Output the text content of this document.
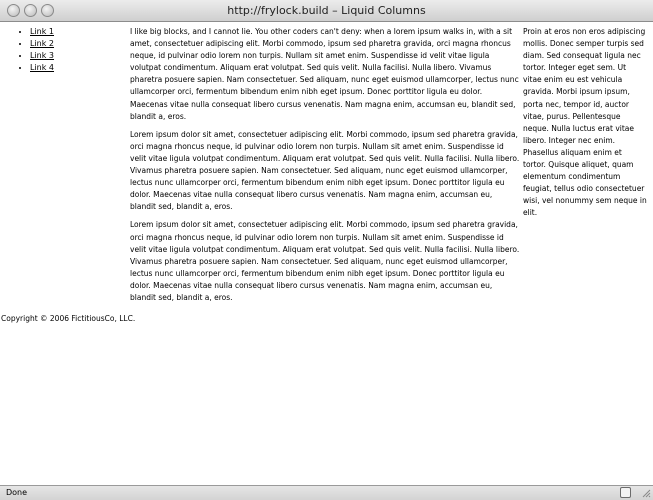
http://frylock.build – Liquid Columns
• Link 1
• Link 2
• Link 3
• Link 4

I like big blocks, and I cannot lie. You other coders can't deny: when a lorem ipsum walks in, with a sit amet, consectetuer adipiscing elit. Morbi commodo, ipsum sed pharetra gravida, orci magna rhoncus neque, id pulvinar odio lorem non turpis. Nullam sit amet enim. Suspendisse id velit vitae ligula volutpat condimentum. Aliquam erat volutpat. Sed quis velit. Nulla facilisi. Nulla libero. Vivamus pharetra posuere sapien. Nam consectetuer. Sed aliquam, nunc eget euismod ullamcorper, lectus nunc ullamcorper orci, fermentum bibendum enim nibh eget ipsum. Donec porttitor ligula eu dolor. Maecenas vitae nulla consequat libero cursus venenatis. Nam magna enim, accumsan eu, blandit sed, blandit a, eros.

Lorem ipsum dolor sit amet, consectetuer adipiscing elit. Morbi commodo, ipsum sed pharetra gravida, orci magna rhoncus neque, id pulvinar odio lorem non turpis. Nullam sit amet enim. Suspendisse id velit vitae ligula volutpat condimentum. Aliquam erat volutpat. Sed quis velit. Nulla facilisi. Nulla libero. Vivamus pharetra posuere sapien. Nam consectetuer. Sed aliquam, nunc eget euismod ullamcorper, lectus nunc ullamcorper orci, fermentum bibendum enim nibh eget ipsum. Donec porttitor ligula eu dolor. Maecenas vitae nulla consequat libero cursus venenatis. Nam magna enim, accumsan eu, blandit sed, blandit a, eros.

Lorem ipsum dolor sit amet, consectetuer adipiscing elit. Morbi commodo, ipsum sed pharetra gravida, orci magna rhoncus neque, id pulvinar odio lorem non turpis. Nullam sit amet enim. Suspendisse id velit vitae ligula volutpat condimentum. Aliquam erat volutpat. Sed quis velit. Nulla facilisi. Nulla libero. Vivamus pharetra posuere sapien. Nam consectetuer. Sed aliquam, nunc eget euismod ullamcorper, lectus nunc ullamcorper orci, fermentum bibendum enim nibh eget ipsum. Donec porttitor ligula eu dolor. Maecenas vitae nulla consequat libero cursus venenatis. Nam magna enim, accumsan eu, blandit sed, blandit a, eros.

Proin at eros non eros adipiscing mollis. Donec semper turpis sed diam. Sed consequat ligula nec tortor. Integer eget sem. Ut vitae enim eu est vehicula gravida. Morbi ipsum ipsum, porta nec, tempor id, auctor vitae, purus. Pellentesque neque. Nulla luctus erat vitae libero. Integer nec enim. Phasellus aliquam enim et tortor. Quisque aliquet, quam elementum condimentum feugiat, tellus odio consectetuer wisi, vel nonummy sem neque in elit.
Copyright © 2006 FictitiousCo, LLC.
Done
